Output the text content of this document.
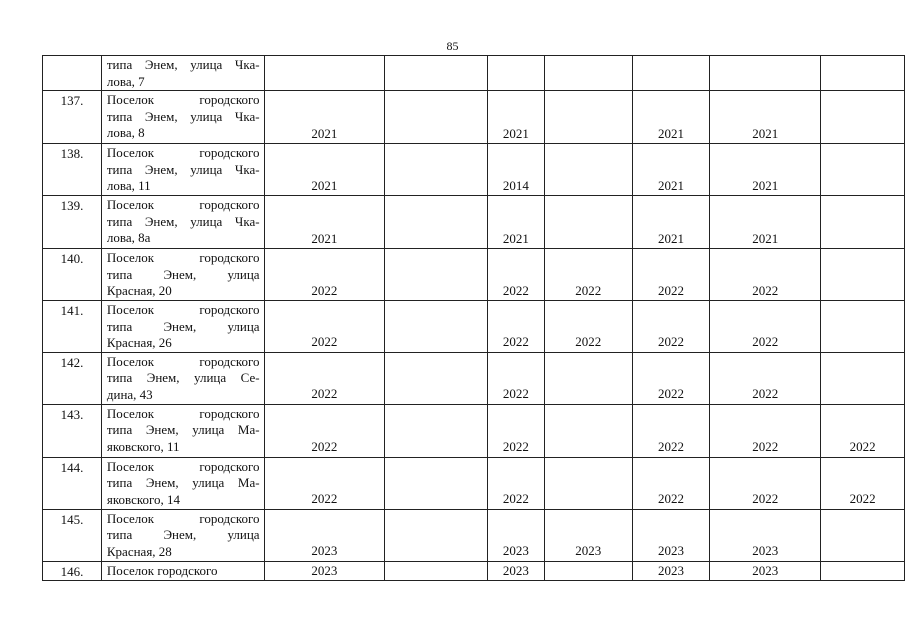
85

	типа Энем, улица Чка-
лова, 7							

137.	Поселок городского
типа Энем, улица Чка-
лова, 8	2021		2021		2021	2021	
138.	Поселок городского
типа Энем, улица Чка-
лова, 11	2021		2014		2021	2021	
139.	Поселок городского
типа Энем, улица Чка-
лова, 8а	2021		2021		2021	2021	
140.	Поселок городского
типа Энем, улица
Красная, 20	2022		2022	2022	2022	2022	
141.	Поселок городского
типа Энем, улица
Красная, 26	2022		2022	2022	2022	2022	
142.	Поселок городского
типа Энем, улица Се-
дина, 43	2022		2022		2022	2022	
143.	Поселок городского
типа Энем, улица Ма-
яковского, 11	2022		2022		2022	2022	2022
144.	Поселок городского
типа Энем, улица Ма-
яковского, 14	2022		2022		2022	2022	2022
145.	Поселок городского
типа Энем, улица
Красная, 28	2023		2023	2023	2023	2023	
146.	Поселок городского	2023		2023		2023	2023	
